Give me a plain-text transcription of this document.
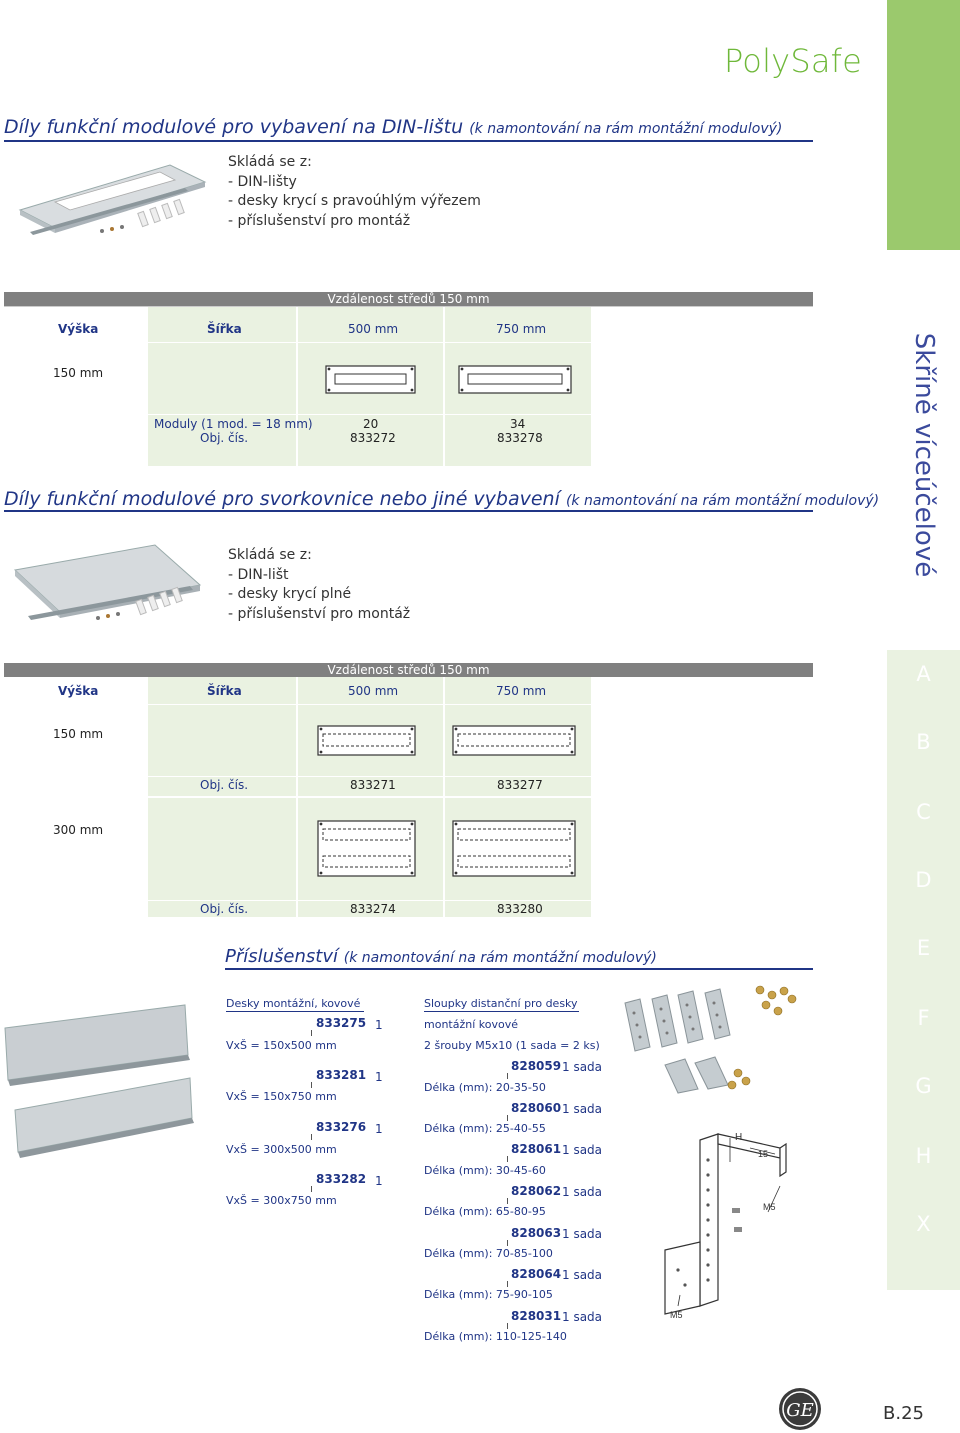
PolySafe
Skříně víceúčelové
A
B
C
D
E
F
G
H
X
Díly funkční modulové pro vybavení na DIN-lištu (k namontování na rám montážní modulový)
Skládá se z:
- DIN-lišty
- desky krycí s pravoúhlým výřezem
- příslušenství pro montáž
Vzdálenost středů 150 mm
Výška	Šířka	500 mm	750 mm
150 mm
Moduly (1 mod. = 18 mm)	20	34
Obj. čís.	833272	833278
Díly funkční modulové pro svorkovnice nebo jiné vybavení (k namontování na rám montážní modulový)
Skládá se z:
- DIN-lišt
- desky krycí plné
- příslušenství pro montáž
Vzdálenost středů 150 mm
Výška	Šířka	500 mm	750 mm
150 mm
Obj. čís.	833271	833277
300 mm
Obj. čís.	833274	833280
Příslušenství (k namontování na rám montážní modulový)
Desky montážní, kovové
833275 1
VxŠ = 150x500 mm
833281 1
VxŠ = 150x750 mm
833276 1
VxŠ = 300x500 mm
833282 1
VxŠ = 300x750 mm
Sloupky distanční pro desky
montážní kovové
2 šrouby M5x10 (1 sada = 2 ks)
828059 1 sada
Délka (mm): 20-35-50
828060 1 sada
Délka (mm): 25-40-55
828061 1 sada
Délka (mm): 30-45-60
828062 1 sada
Délka (mm): 65-80-95
828063 1 sada
Délka (mm): 70-85-100
828064 1 sada
Délka (mm): 75-90-105
828031 1 sada
Délka (mm): 110-125-140
H
15
M5
M5
GE	B.25
